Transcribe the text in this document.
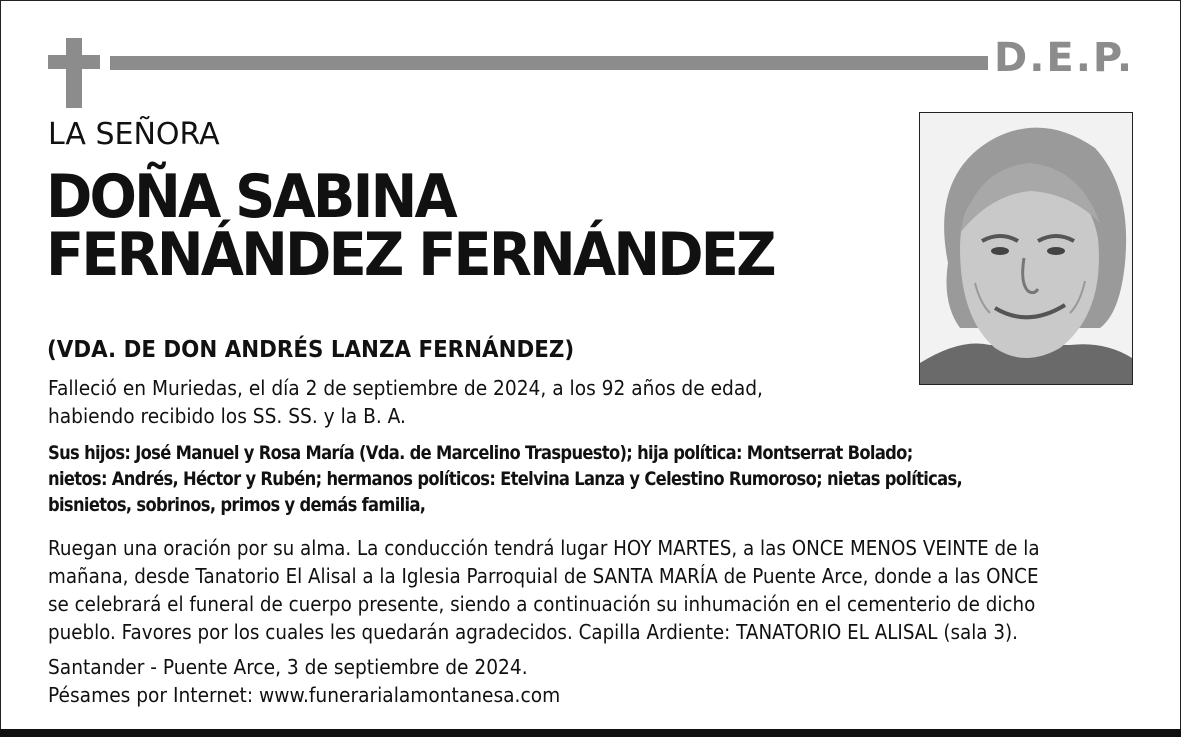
D.E.P.
LA SEÑORA
DOÑA SABINA
FERNÁNDEZ FERNÁNDEZ
(VDA. DE DON ANDRÉS LANZA FERNÁNDEZ)
Falleció en Muriedas, el día 2 de septiembre de 2024, a los 92 años de edad,
habiendo recibido los SS. SS. y la B. A.
Sus hijos: José Manuel y Rosa María (Vda. de Marcelino Traspuesto); hija política: Montserrat Bolado;
nietos: Andrés, Héctor y Rubén; hermanos políticos: Etelvina Lanza y Celestino Rumoroso; nietas políticas,
bisnietos, sobrinos, primos y demás familia,
Ruegan una oración por su alma. La conducción tendrá lugar HOY MARTES, a las ONCE MENOS VEINTE de la
mañana, desde Tanatorio El Alisal a la Iglesia Parroquial de SANTA MARÍA de Puente Arce, donde a las ONCE
se celebrará el funeral de cuerpo presente, siendo a continuación su inhumación en el cementerio de dicho
pueblo. Favores por los cuales les quedarán agradecidos. Capilla Ardiente: TANATORIO EL ALISAL (sala 3).
Santander - Puente Arce, 3 de septiembre de 2024.
Pésames por Internet: www.funerarialamontanesa.com
